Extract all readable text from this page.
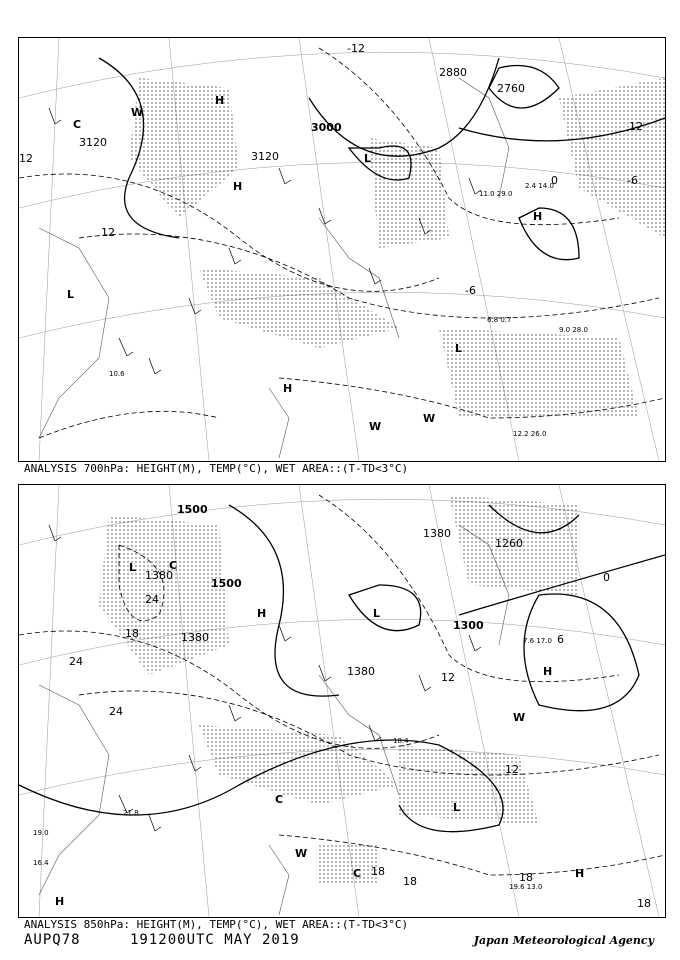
12.2 26.0
9.0 28.0
6.8 0.7
10.6
2.4 14.0
11.0 29.0
3120
3000
3120
2880
2760
12
-12
-6
0
12
-6
12
H
H
L
H
L
L
H
W
W
W
C
ANALYSIS 700hPa: HEIGHT(M), TEMP(°C), WET AREA::(T-TD<3°C)
19.6 13.0
7.6 17.0
21.8
19.0
18.4
16.4
1500
1380
1380
1500
1380
1300
1380
1260
24
18
24
24
12
6
0
12
18
18	18
18
L	C
H	L
H
H
L
W
W
C
C
H
ANALYSIS 850hPa: HEIGHT(M), TEMP(°C), WET AREA::(T-TD<3°C)
AUPQ78	191200UTC MAY 2019	Japan Meteorological Agency
